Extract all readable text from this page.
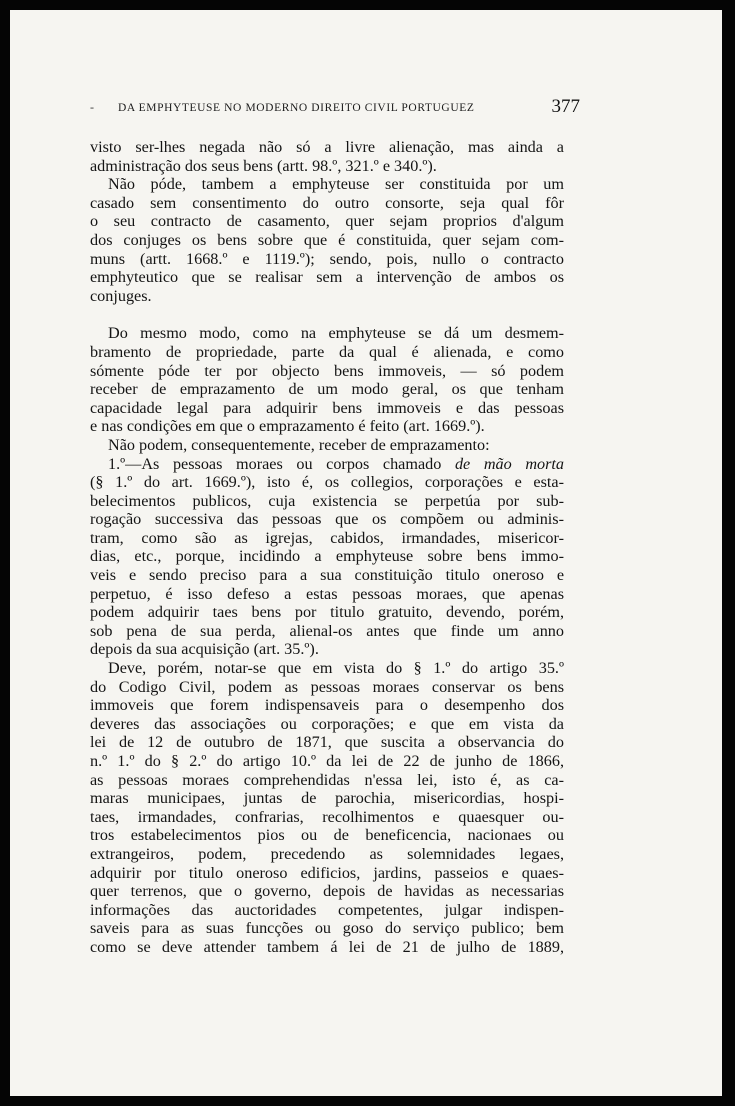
- DA EMPHYTEUSE NO MODERNO DIREITO CIVIL PORTUGUEZ	377
visto ser-lhes negada não só a livre alienação, mas ainda a
administração dos seus bens (artt. 98.º, 321.º e 340.º).
Não póde, tambem a emphyteuse ser constituida por um
casado sem consentimento do outro consorte, seja qual fôr
o seu contracto de casamento, quer sejam proprios d'algum
dos conjuges os bens sobre que é constituida, quer sejam com-
muns (artt. 1668.º e 1119.º); sendo, pois, nullo o contracto
emphyteutico que se realisar sem a intervenção de ambos os
conjuges.
Do mesmo modo, como na emphyteuse se dá um desmem-
bramento de propriedade, parte da qual é alienada, e como
sómente póde ter por objecto bens immoveis, — só podem
receber de emprazamento de um modo geral, os que tenham
capacidade legal para adquirir bens immoveis e das pessoas
e nas condições em que o emprazamento é feito (art. 1669.º).
Não podem, consequentemente, receber de emprazamento:
1.º—As pessoas moraes ou corpos chamado de mão morta
(§ 1.º do art. 1669.º), isto é, os collegios, corporações e esta-
belecimentos publicos, cuja existencia se perpetúa por sub-
rogação successiva das pessoas que os compõem ou adminis-
tram, como são as igrejas, cabidos, irmandades, misericor-
dias, etc., porque, incidindo a emphyteuse sobre bens immo-
veis e sendo preciso para a sua constituição titulo oneroso e
perpetuo, é isso defeso a estas pessoas moraes, que apenas
podem adquirir taes bens por titulo gratuito, devendo, porém,
sob pena de sua perda, alienal-os antes que finde um anno
depois da sua acquisição (art. 35.º).
Deve, porém, notar-se que em vista do § 1.º do artigo 35.º
do Codigo Civil, podem as pessoas moraes conservar os bens
immoveis que forem indispensaveis para o desempenho dos
deveres das associações ou corporações; e que em vista da
lei de 12 de outubro de 1871, que suscita a observancia do
n.º 1.º do § 2.º do artigo 10.º da lei de 22 de junho de 1866,
as pessoas moraes comprehendidas n'essa lei, isto é, as ca-
maras municipaes, juntas de parochia, misericordias, hospi-
taes, irmandades, confrarias, recolhimentos e quaesquer ou-
tros estabelecimentos pios ou de beneficencia, nacionaes ou
extrangeiros, podem, precedendo as solemnidades legaes,
adquirir por titulo oneroso edificios, jardins, passeios e quaes-
quer terrenos, que o governo, depois de havidas as necessarias
informações das auctoridades competentes, julgar indispen-
saveis para as suas funcções ou goso do serviço publico; bem
como se deve attender tambem á lei de 21 de julho de 1889,
